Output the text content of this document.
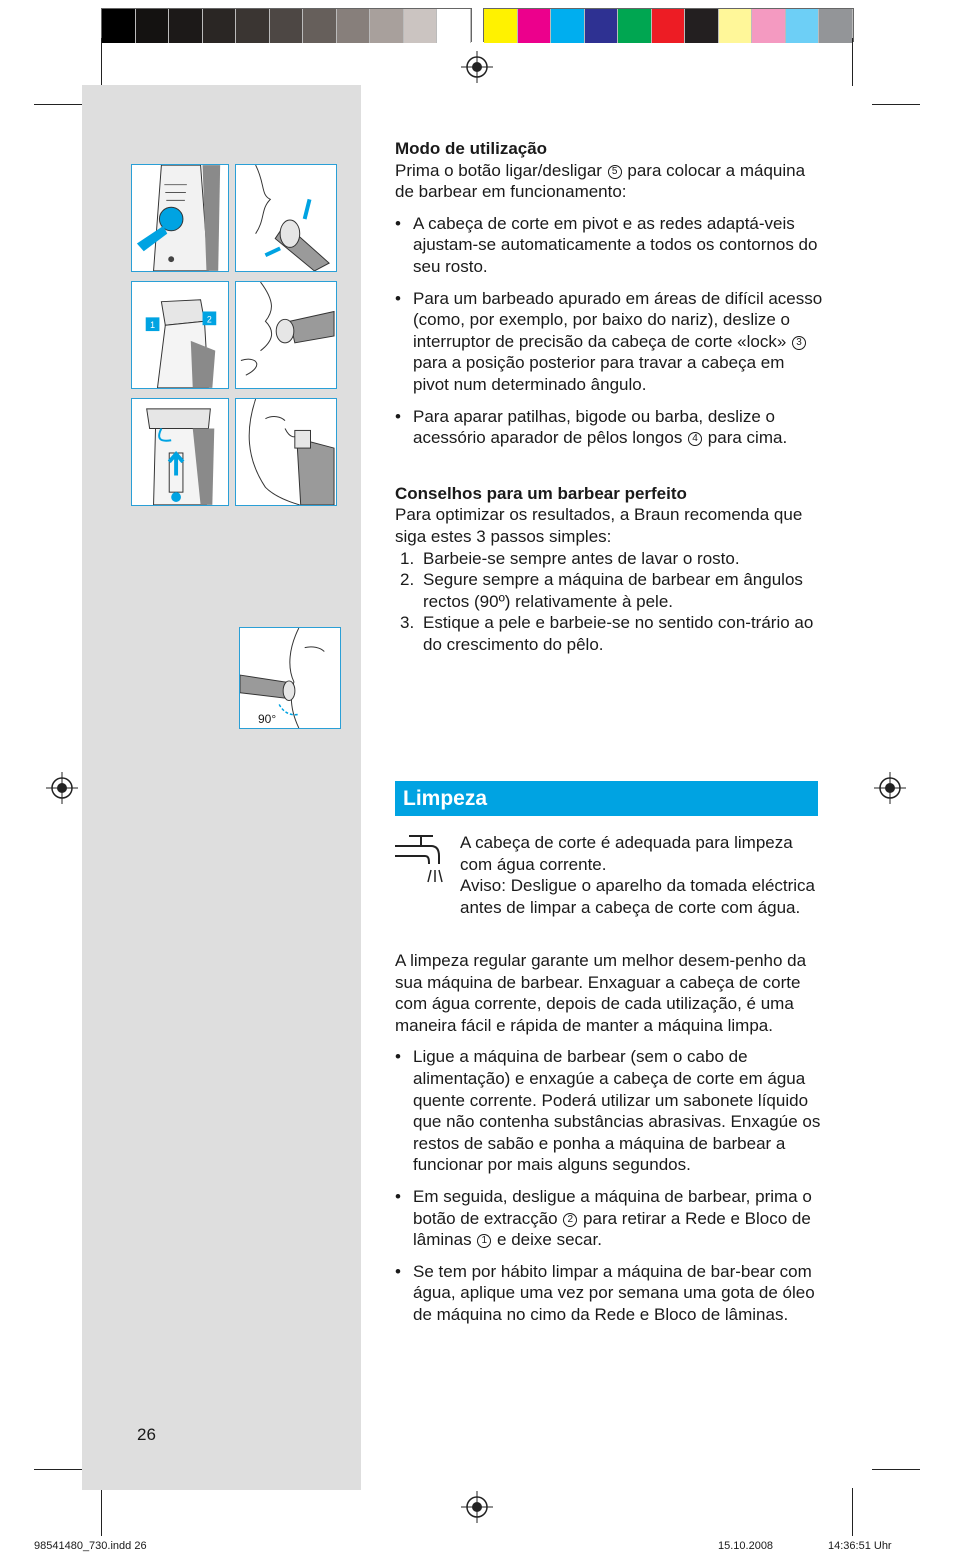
1
2
90°

Modo de utilização

Prima o botão ligar/desligar 5 para colocar a máquina de barbear em funcionamento:

• A cabeça de corte em pivot e as redes adaptá-veis ajustam-se automaticamente a todos os contornos do seu rosto.

• Para um barbeado apurado em áreas de difícil acesso (como, por exemplo, por baixo do nariz), deslize o interruptor de precisão da cabeça de corte «lock» 3 para a posição posterior para travar a cabeça em pivot num determinado ângulo.

• Para aparar patilhas, bigode ou barba, deslize o acessório aparador de pêlos longos 4 para cima.

Conselhos para um barbear perfeito

Para optimizar os resultados, a Braun recomenda que siga estes 3 passos simples:

1. Barbeie-se sempre antes de lavar o rosto.

2. Segure sempre a máquina de barbear em ângulos rectos (90º) relativamente à pele.

3. Estique a pele e barbeie-se no sentido con-trário ao do crescimento do pêlo.

Limpeza

A cabeça de corte é adequada para limpeza com água corrente.

Aviso: Desligue o aparelho da tomada eléctrica antes de limpar a cabeça de corte com água.

A limpeza regular garante um melhor desem-penho da sua máquina de barbear. Enxaguar a cabeça de corte com água corrente, depois de cada utilização, é uma maneira fácil e rápida de manter a máquina limpa.

• Ligue a máquina de barbear (sem o cabo de alimentação) e enxagúe a cabeça de corte em água quente corrente. Poderá utilizar um sabonete líquido que não contenha substâncias abrasivas. Enxagúe os restos de sabão e ponha a máquina de barbear a funcionar por mais alguns segundos.

• Em seguida, desligue a máquina de barbear, prima o botão de extracção 2 para retirar a Rede e Bloco de lâminas 1 e deixe secar.

• Se tem por hábito limpar a máquina de bar-bear com água, aplique uma vez por semana uma gota de óleo de máquina no cimo da Rede e Bloco de lâminas.

26
98541480_730.indd 26	15.10.2008	14:36:51 Uhr
